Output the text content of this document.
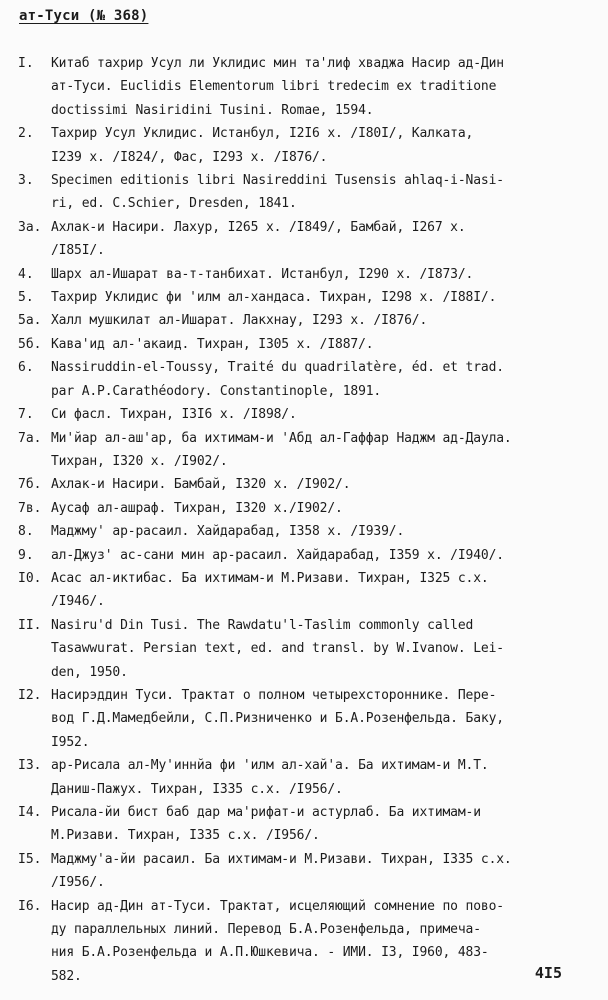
ат-Туси (№ 368)
I.	Китаб тахрир Усул ли Уклидис мин та'лиф хваджа Насир ад-Дин
ат-Туси. Euclidis Elementorum libri tredecim ex traditione
doctissimi Nasiridini Tusini. Romae, 1594.
2.	Тахрир Усул Уклидис. Истанбул, I2I6 х. /I80I/, Калката,
I239 х. /I824/, Фас, I293 х. /I876/.
3.	Specimen editionis libri Nasireddini Tusensis ahlaq-i-Nasi-
ri, ed. C.Schier, Dresden, 1841.
3а. Ахлак-и Насири. Лахур, I265 х. /I849/, Бамбай, I267 х.
/I85I/.
4.	Шарх ал-Ишарат ва-т-танбихат. Истанбул, I290 х. /I873/.
5.	Тахрир Уклидис фи 'илм ал-хандаса. Тихран, I298 х. /I88I/.
5а. Халл мушкилат ал-Ишарат. Лакхнау, I293 х. /I876/.
5б. Кава'ид ал-'акаид. Тихран, I305 х. /I887/.
6.	Nassiruddin-el-Toussy, Traité du quadrilatère, éd. et trad.
par A.P.Carathéodory. Constantinople, 1891.
7.	Си фасл. Тихран, I3I6 х. /I898/.
7а. Ми'йар ал-аш'ар, ба ихтимам-и 'Абд ал-Гаффар Наджм ад-Даула.
Тихран, I320 х. /I902/.
7б. Ахлак-и Насири. Бамбай, I320 х. /I902/.
7в. Аусаф ал-ашраф. Тихран, I320 х./I902/.
8.	Маджму' ар-расаил. Хайдарабад, I358 х. /I939/.
9.	ал-Джуз' ас-сани мин ар-расаил. Хайдарабад, I359 х. /I940/.
I0. Асас ал-иктибас. Ба ихтимам-и М.Ризави. Тихран, I325 с.х.
/I946/.
II. Nasiru'd Din Tusi. The Rawdatu'l-Taslim commonly called
Tasawwurat. Persian text, ed. and transl. by W.Ivanow. Lei-
den, 1950.
I2. Насирэддин Туси. Трактат о полном четырехстороннике. Пере-
вод Г.Д.Мамедбейли, С.П.Ризниченко и Б.А.Розенфельда. Баку,
I952.
I3. ар-Рисала ал-Му'иннйа фи 'илм ал-хай'а. Ба ихтимам-и М.Т.
Даниш-Пажух. Тихран, I335 с.х. /I956/.
I4. Рисала-йи бист баб дар ма'рифат-и астурлаб. Ба ихтимам-и
М.Ризави. Тихран, I335 с.х. /I956/.
I5. Маджму'а-йи расаил. Ба ихтимам-и М.Ризави. Тихран, I335 с.х.
/I956/.
I6. Насир ад-Дин ат-Туси. Трактат, исцеляющий сомнение по пово-
ду параллельных линий. Перевод Б.А.Розенфельда, примеча-
ния Б.А.Розенфельда и А.П.Юшкевича. - ИМИ. I3, I960, 483-
582.	4I5
